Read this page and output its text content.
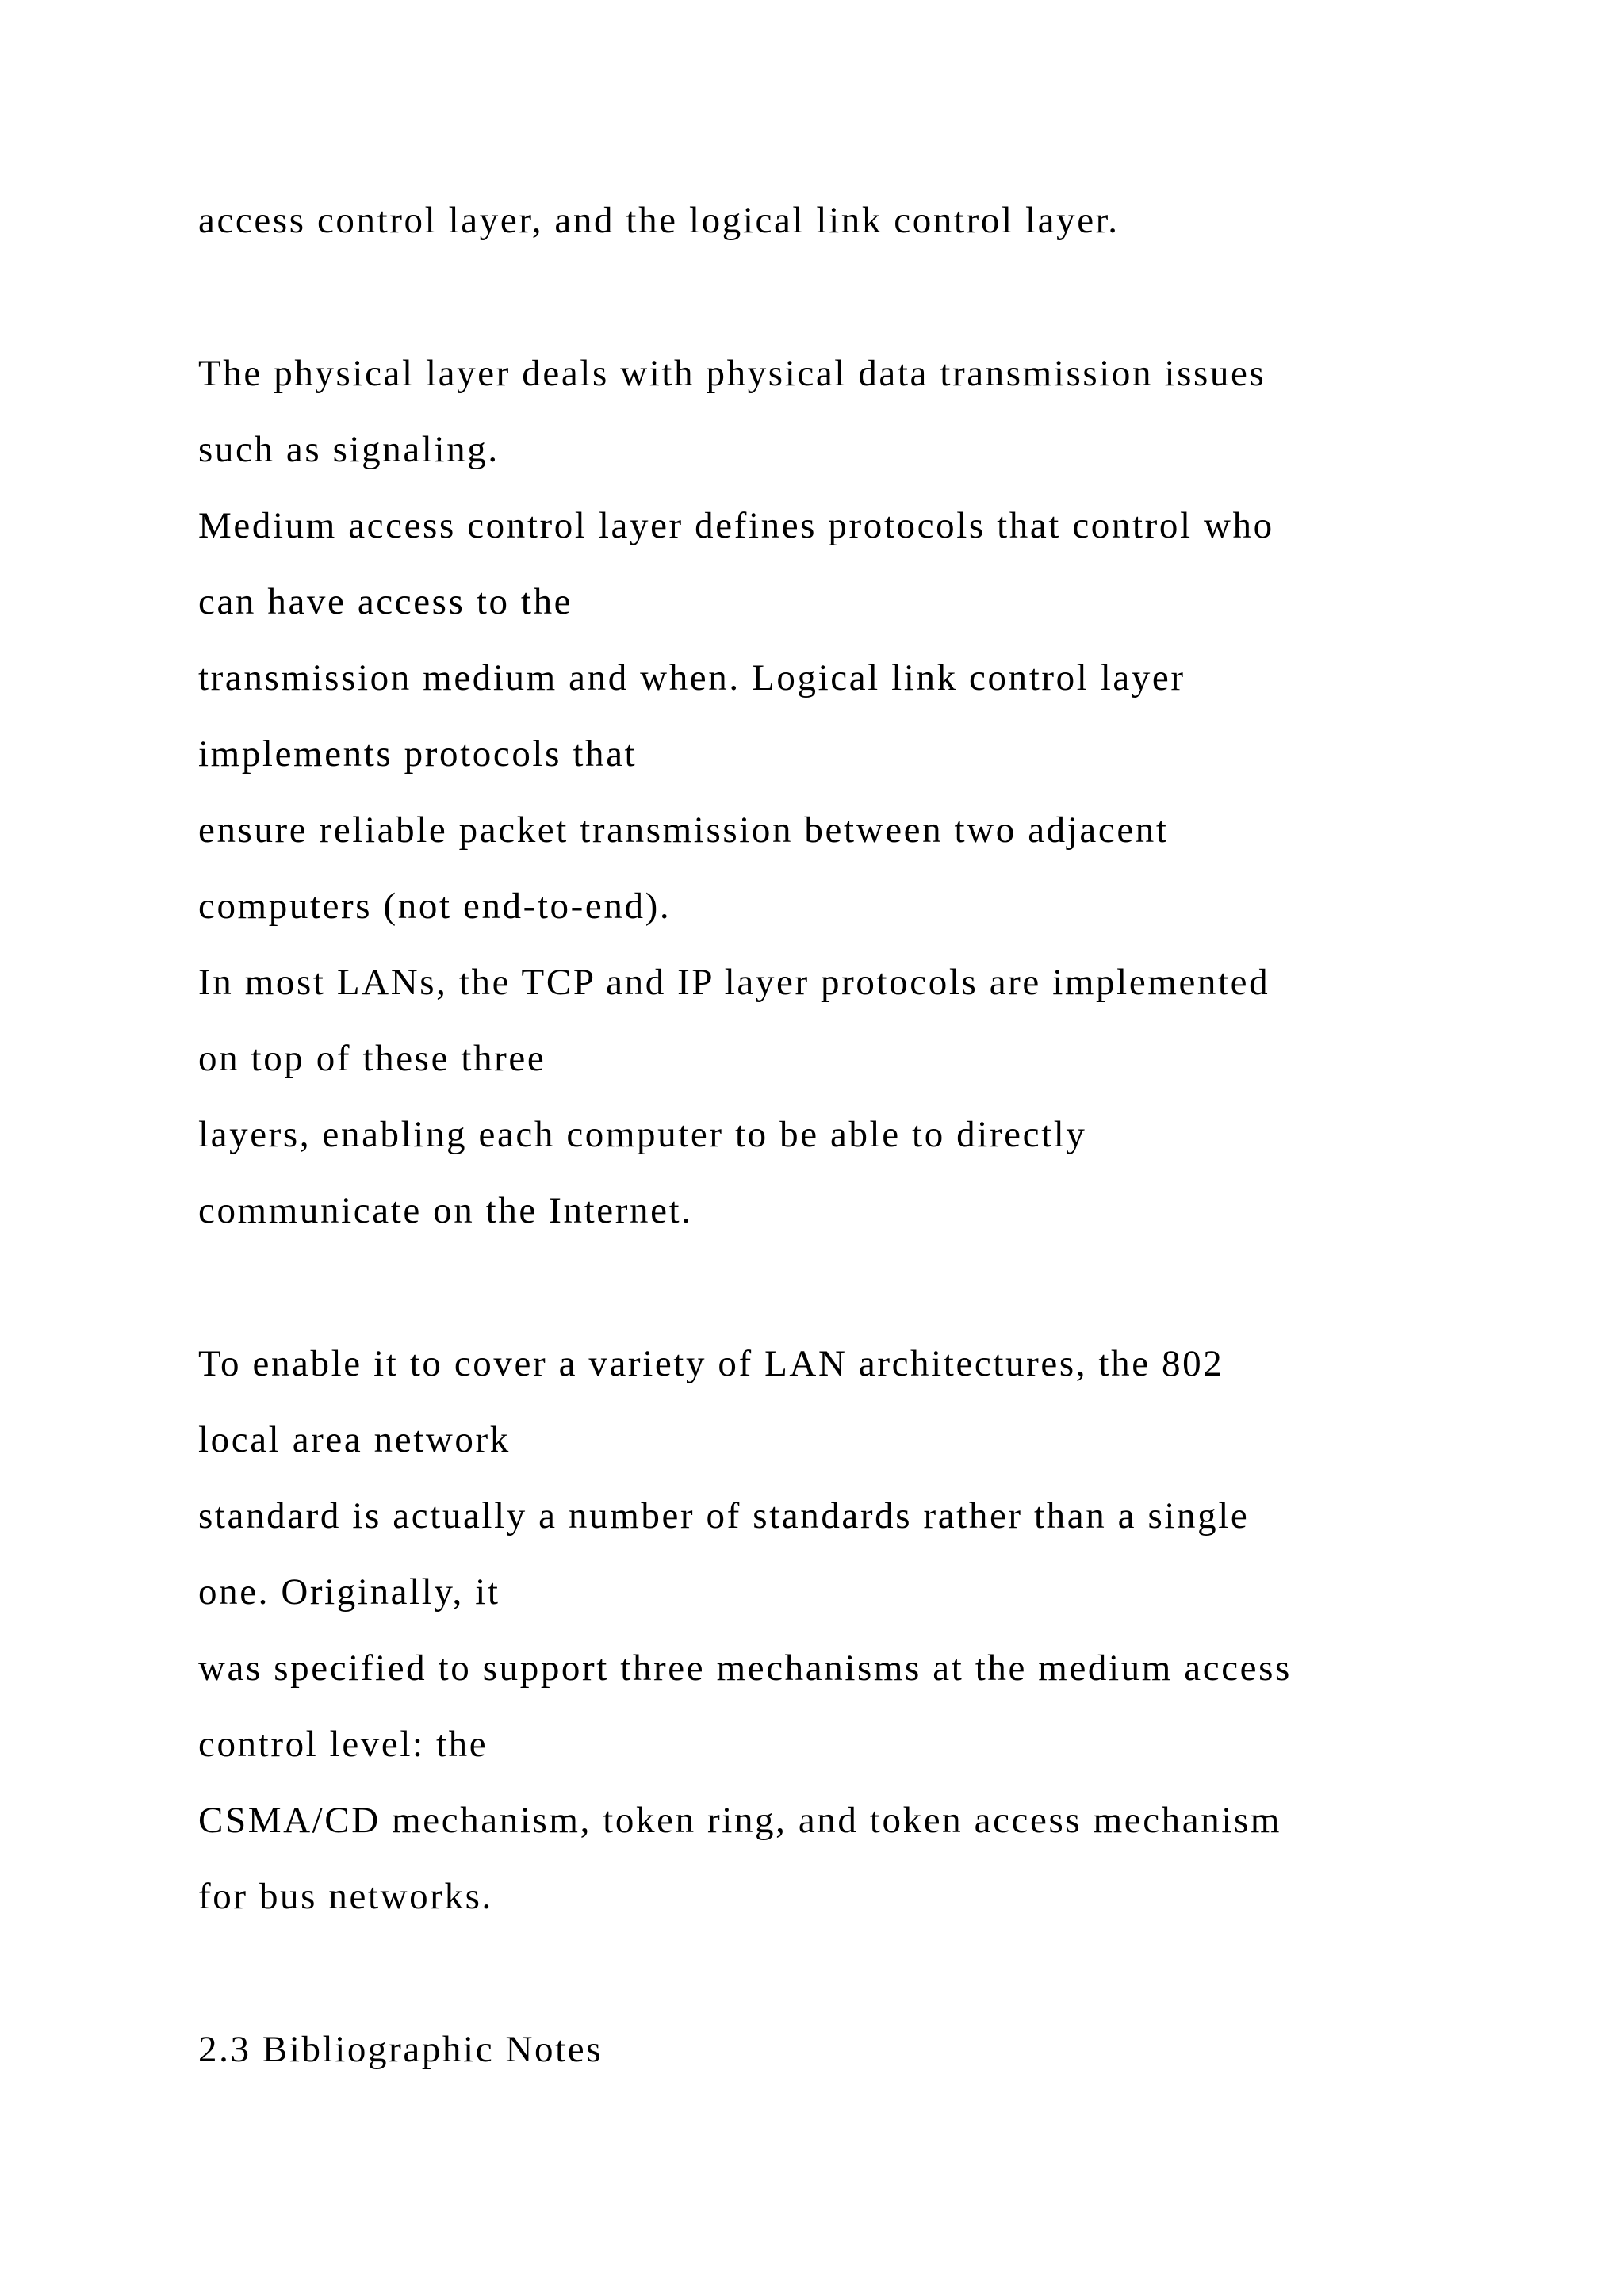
access control layer, and the logical link control layer.
The physical layer deals with physical data transmission issues
such as signaling.
Medium access control layer defines protocols that control who
can have access to the
transmission medium and when. Logical link control layer
implements protocols that
ensure reliable packet transmission between two adjacent
computers (not end-to-end).
In most LANs, the TCP and IP layer protocols are implemented
on top of these three
layers, enabling each computer to be able to directly
communicate on the Internet.
To enable it to cover a variety of LAN architectures, the 802
local area network
standard is actually a number of standards rather than a single
one. Originally, it
was specified to support three mechanisms at the medium access
control level: the
CSMA/CD mechanism, token ring, and token access mechanism
for bus networks.
2.3 Bibliographic Notes
